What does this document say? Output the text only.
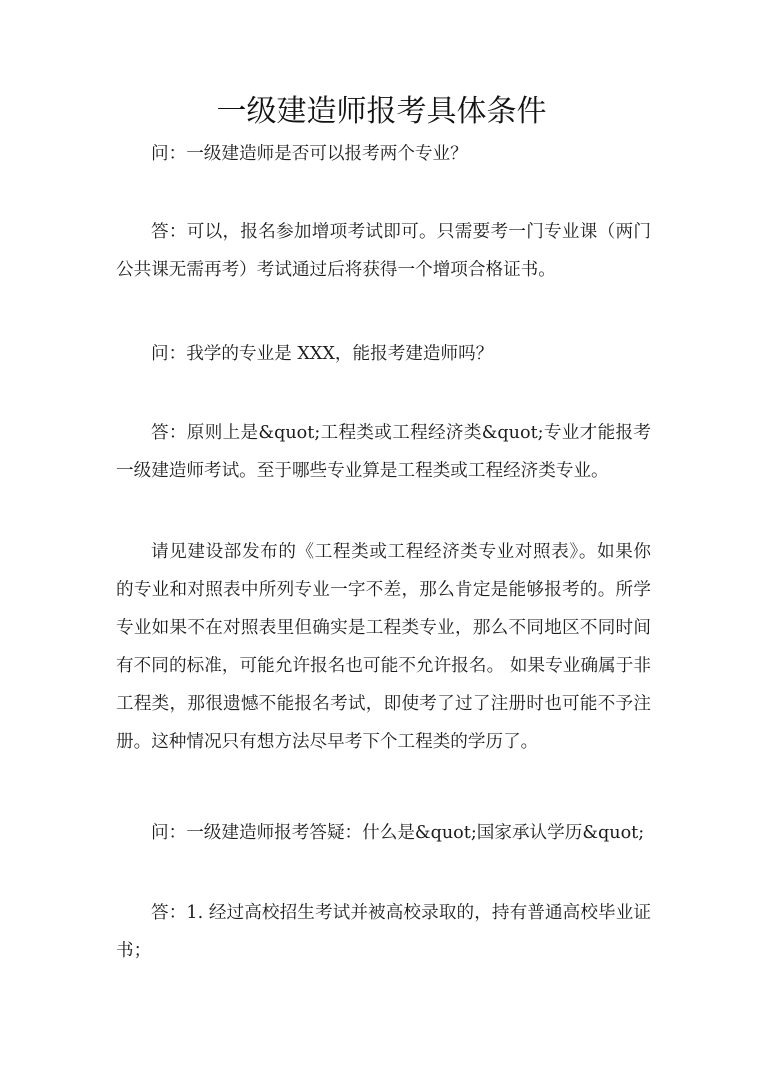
一级建造师报考具体条件

问：一级建造师是否可以报考两个专业？

答：可以，报名参加增项考试即可。只需要考一门专业课（两门公共课无需再考）考试通过后将获得一个增项合格证书。

问：我学的专业是 XXX，能报考建造师吗？

答：原则上是&quot;工程类或工程经济类&quot;专业才能报考一级建造师考试。至于哪些专业算是工程类或工程经济类专业。

请见建设部发布的《工程类或工程经济类专业对照表》。如果你的专业和对照表中所列专业一字不差，那么肯定是能够报考的。所学专业如果不在对照表里但确实是工程类专业，那么不同地区不同时间有不同的标准，可能允许报名也可能不允许报名。 如果专业确属于非工程类，那很遗憾不能报名考试，即使考了过了注册时也可能不予注册。这种情况只有想方法尽早考下个工程类的学历了。

问：一级建造师报考答疑：什么是&quot;国家承认学历&quot;

答：1. 经过高校招生考试并被高校录取的，持有普通高校毕业证书；
